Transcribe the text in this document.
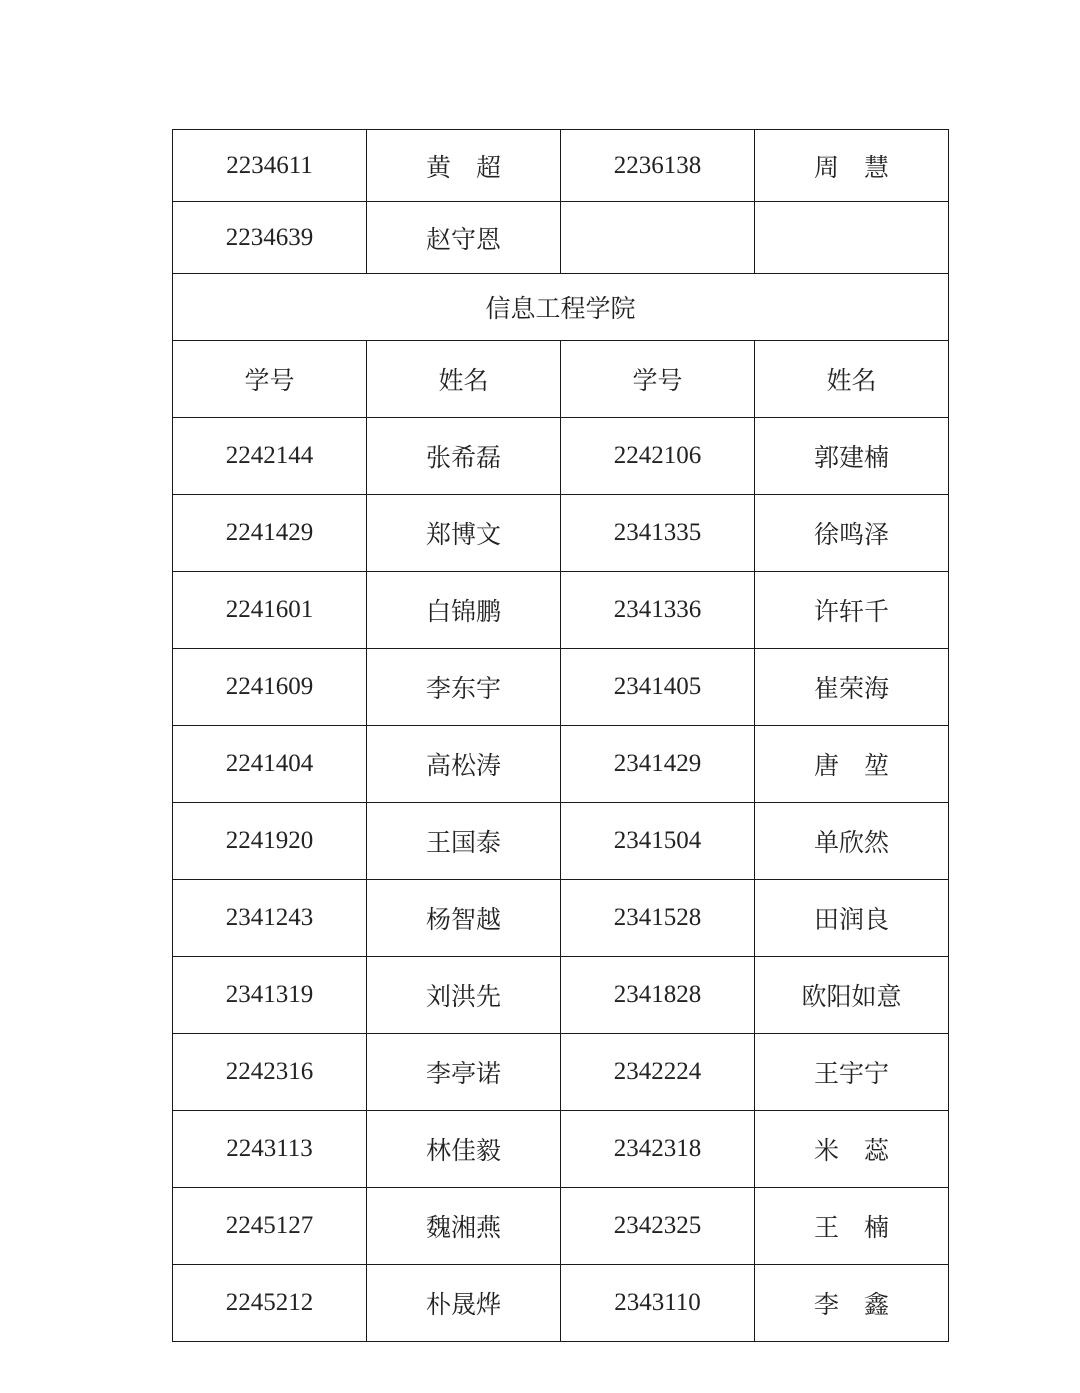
2234611	黄　超	2236138	周　慧
2234639	赵守恩		
信息工程学院			
学号	姓名	学号	姓名
2242144	张希磊	2242106	郭建楠
2241429	郑博文	2341335	徐鸣泽
2241601	白锦鹏	2341336	许轩千
2241609	李东宇	2341405	崔荣海
2241404	高松涛	2341429	唐　堃
2241920	王国泰	2341504	单欣然
2341243	杨智越	2341528	田润良
2341319	刘洪先	2341828	欧阳如意
2242316	李亭诺	2342224	王宇宁
2243113	林佳毅	2342318	米　蕊
2245127	魏湘燕	2342325	王　楠
2245212	朴晟烨	2343110	李　鑫
